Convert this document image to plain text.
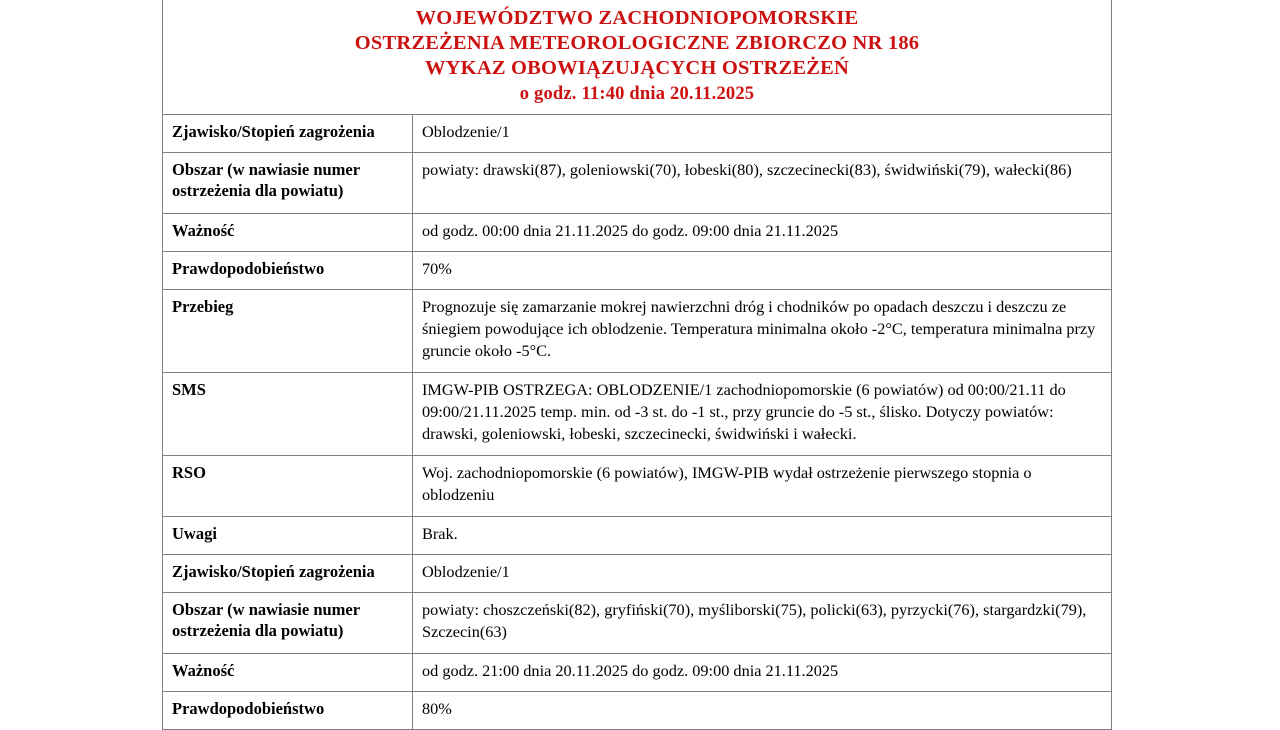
WOJEWÓDZTWO ZACHODNIOPOMORSKIE
OSTRZEŻENIA METEOROLOGICZNE ZBIORCZO NR 186
WYKAZ OBOWIĄZUJĄCYCH OSTRZEŻEŃ
o godz. 11:40 dnia 20.11.2025	

Zjawisko/Stopień zagrożenia	Oblodzenie/1
Obszar (w nawiasie numer ostrzeżenia dla powiatu)	powiaty: drawski(87), goleniowski(70), łobeski(80), szczecinecki(83), świdwiński(79), wałecki(86)
Ważność	od godz. 00:00 dnia 21.11.2025 do godz. 09:00 dnia 21.11.2025
Prawdopodobieństwo	70%
Przebieg	Prognozuje się zamarzanie mokrej nawierzchni dróg i chodników po opadach deszczu i deszczu ze śniegiem powodujące ich oblodzenie. Temperatura minimalna około -2°C, temperatura minimalna przy gruncie około -5°C.
SMS	IMGW-PIB OSTRZEGA: OBLODZENIE/1 zachodniopomorskie (6 powiatów) od 00:00/21.11 do 09:00/21.11.2025 temp. min. od -3 st. do -1 st., przy gruncie do -5 st., ślisko. Dotyczy powiatów: drawski, goleniowski, łobeski, szczecinecki, świdwiński i wałecki.
RSO	Woj. zachodniopomorskie (6 powiatów), IMGW-PIB wydał ostrzeżenie pierwszego stopnia o oblodzeniu
Uwagi	Brak.
Zjawisko/Stopień zagrożenia	Oblodzenie/1
Obszar (w nawiasie numer ostrzeżenia dla powiatu)	powiaty: choszczeński(82), gryfiński(70), myśliborski(75), policki(63), pyrzycki(76), stargardzki(79), Szczecin(63)
Ważność	od godz. 21:00 dnia 20.11.2025 do godz. 09:00 dnia 21.11.2025
Prawdopodobieństwo	80%
